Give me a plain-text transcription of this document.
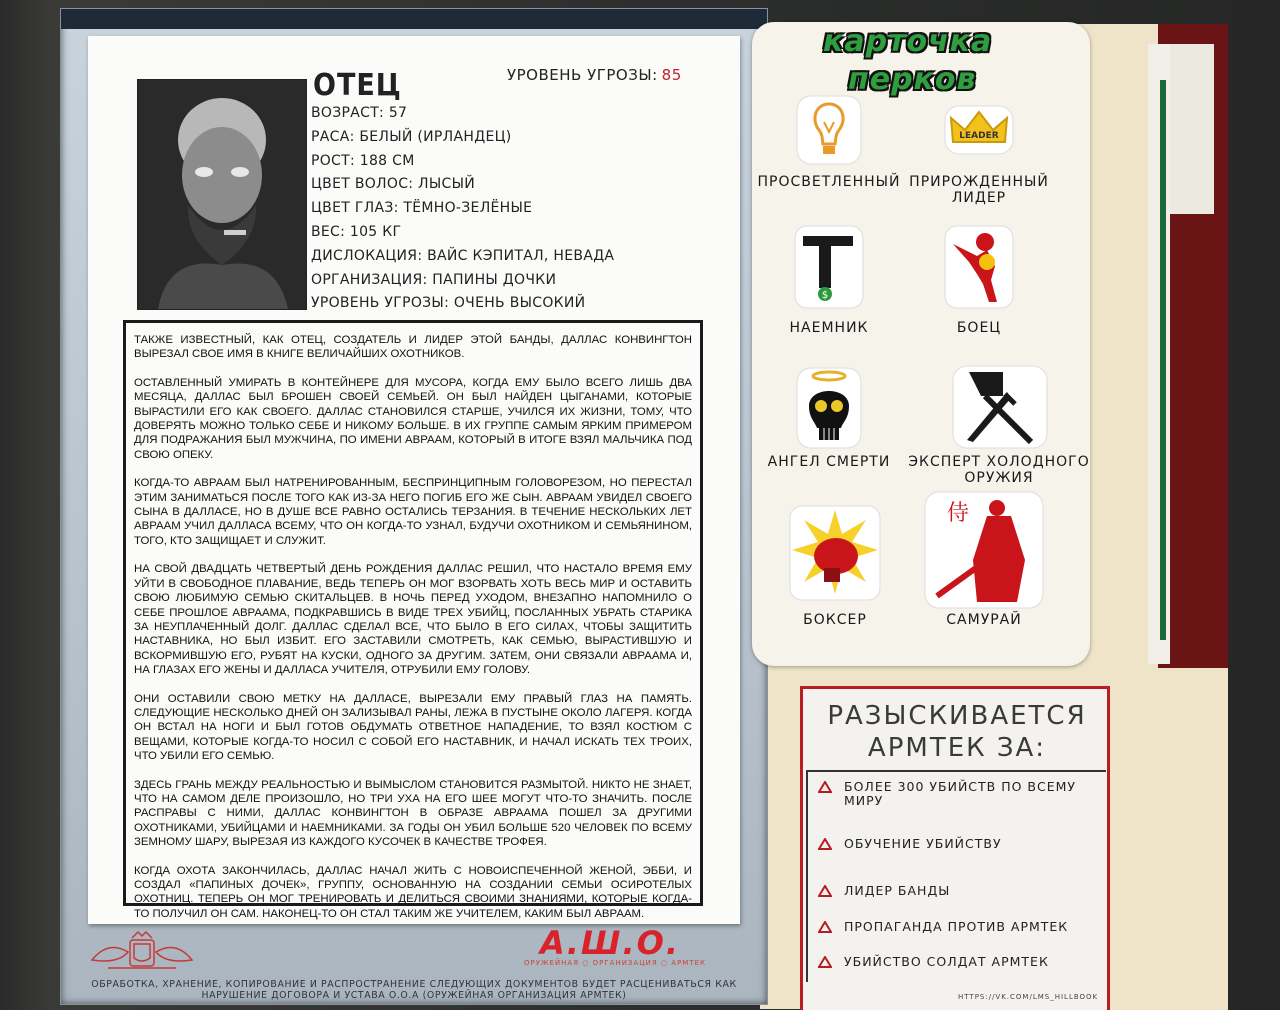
ОТЕЦ	УРОВЕНЬ УГРОЗЫ: 85
ВОЗРАСТ: 57
РАСА: БЕЛЫЙ (ИРЛАНДЕЦ)
РОСТ: 188 СМ
ЦВЕТ ВОЛОС: ЛЫСЫЙ
ЦВЕТ ГЛАЗ: ТЁМНО-ЗЕЛЁНЫЕ
ВЕС: 105 КГ
ДИСЛОКАЦИЯ: ВАЙС КЭПИТАЛ, НЕВАДА
ОРГАНИЗАЦИЯ: ПАПИНЫ ДОЧКИ
УРОВЕНЬ УГРОЗЫ: ОЧЕНЬ ВЫСОКИЙ

ТАКЖЕ ИЗВЕСТНЫЙ, КАК ОТЕЦ, СОЗДАТЕЛЬ И ЛИДЕР ЭТОЙ БАНДЫ, ДАЛЛАС КОНВИНГТОН ВЫРЕЗАЛ СВОЕ ИМЯ В КНИГЕ ВЕЛИЧАЙШИХ ОХОТНИКОВ.

ОСТАВЛЕННЫЙ УМИРАТЬ В КОНТЕЙНЕРЕ ДЛЯ МУСОРА, КОГДА ЕМУ БЫЛО ВСЕГО ЛИШЬ ДВА МЕСЯЦА, ДАЛЛАС БЫЛ БРОШЕН СВОЕЙ СЕМЬЕЙ. ОН БЫЛ НАЙДЕН ЦЫГАНАМИ, КОТОРЫЕ ВЫРАСТИЛИ ЕГО КАК СВОЕГО. ДАЛЛАС СТАНОВИЛСЯ СТАРШЕ, УЧИЛСЯ ИХ ЖИЗНИ, ТОМУ, ЧТО ДОВЕРЯТЬ МОЖНО ТОЛЬКО СЕБЕ И НИКОМУ БОЛЬШЕ. В ИХ ГРУППЕ САМЫМ ЯРКИМ ПРИМЕРОМ ДЛЯ ПОДРАЖАНИЯ БЫЛ МУЖЧИНА, ПО ИМЕНИ АВРААМ, КОТОРЫЙ В ИТОГЕ ВЗЯЛ МАЛЬЧИКА ПОД СВОЮ ОПЕКУ.

КОГДА-ТО АВРААМ БЫЛ НАТРЕНИРОВАННЫМ, БЕСПРИНЦИПНЫМ ГОЛОВОРЕЗОМ, НО ПЕРЕСТАЛ ЭТИМ ЗАНИМАТЬСЯ ПОСЛЕ ТОГО КАК ИЗ-ЗА НЕГО ПОГИБ ЕГО ЖЕ СЫН. АВРААМ УВИДЕЛ СВОЕГО СЫНА В ДАЛЛАСЕ, НО В ДУШЕ ВСЕ РАВНО ОСТАЛИСЬ ТЕРЗАНИЯ. В ТЕЧЕНИЕ НЕСКОЛЬКИХ ЛЕТ АВРААМ УЧИЛ ДАЛЛАСА ВСЕМУ, ЧТО ОН КОГДА-ТО УЗНАЛ, БУДУЧИ ОХОТНИКОМ И СЕМЬЯНИНОМ, ТОГО, КТО ЗАЩИЩАЕТ И СЛУЖИТ.

НА СВОЙ ДВАДЦАТЬ ЧЕТВЕРТЫЙ ДЕНЬ РОЖДЕНИЯ ДАЛЛАС РЕШИЛ, ЧТО НАСТАЛО ВРЕМЯ ЕМУ УЙТИ В СВОБОДНОЕ ПЛАВАНИЕ, ВЕДЬ ТЕПЕРЬ ОН МОГ ВЗОРВАТЬ ХОТЬ ВЕСЬ МИР И ОСТАВИТЬ СВОЮ ЛЮБИМУЮ СЕМЬЮ СКИТАЛЬЦЕВ. В НОЧЬ ПЕРЕД УХОДОМ, ВНЕЗАПНО НАПОМНИЛО О СЕБЕ ПРОШЛОЕ АВРААМА, ПОДКРАВШИСЬ В ВИДЕ ТРЕХ УБИЙЦ, ПОСЛАННЫХ УБРАТЬ СТАРИКА ЗА НЕУПЛАЧЕННЫЙ ДОЛГ. ДАЛЛАС СДЕЛАЛ ВСЕ, ЧТО БЫЛО В ЕГО СИЛАХ, ЧТОБЫ ЗАЩИТИТЬ НАСТАВНИКА, НО БЫЛ ИЗБИТ. ЕГО ЗАСТАВИЛИ СМОТРЕТЬ, КАК СЕМЬЮ, ВЫРАСТИВШУЮ И ВСКОРМИВШУЮ ЕГО, РУБЯТ НА КУСКИ, ОДНОГО ЗА ДРУГИМ. ЗАТЕМ, ОНИ СВЯЗАЛИ АВРААМА И, НА ГЛАЗАХ ЕГО ЖЕНЫ И ДАЛЛАСА УЧИТЕЛЯ, ОТРУБИЛИ ЕМУ ГОЛОВУ.

ОНИ ОСТАВИЛИ СВОЮ МЕТКУ НА ДАЛЛАСЕ, ВЫРЕЗАЛИ ЕМУ ПРАВЫЙ ГЛАЗ НА ПАМЯТЬ. СЛЕДУЮЩИЕ НЕСКОЛЬКО ДНЕЙ ОН ЗАЛИЗЫВАЛ РАНЫ, ЛЕЖА В ПУСТЫНЕ ОКОЛО ЛАГЕРЯ. КОГДА ОН ВСТАЛ НА НОГИ И БЫЛ ГОТОВ ОБДУМАТЬ ОТВЕТНОЕ НАПАДЕНИЕ, ТО ВЗЯЛ КОСТЮМ С ВЕЩАМИ, КОТОРЫЕ КОГДА-ТО НОСИЛ С СОБОЙ ЕГО НАСТАВНИК, И НАЧАЛ ИСКАТЬ ТЕХ ТРОИХ, ЧТО УБИЛИ ЕГО СЕМЬЮ.

ЗДЕСЬ ГРАНЬ МЕЖДУ РЕАЛЬНОСТЬЮ И ВЫМЫСЛОМ СТАНОВИТСЯ РАЗМЫТОЙ. НИКТО НЕ ЗНАЕТ, ЧТО НА САМОМ ДЕЛЕ ПРОИЗОШЛО, НО ТРИ УХА НА ЕГО ШЕЕ МОГУТ ЧТО-ТО ЗНАЧИТЬ. ПОСЛЕ РАСПРАВЫ С НИМИ, ДАЛЛАС КОНВИНГТОН В ОБРАЗЕ АВРААМА ПОШЕЛ ЗА ДРУГИМИ ОХОТНИКАМИ, УБИЙЦАМИ И НАЕМНИКАМИ. ЗА ГОДЫ ОН УБИЛ БОЛЬШЕ 520 ЧЕЛОВЕК ПО ВСЕМУ ЗЕМНОМУ ШАРУ, ВЫРЕЗАЯ ИЗ КАЖДОГО КУСОЧЕК В КАЧЕСТВЕ ТРОФЕЯ.

КОГДА ОХОТА ЗАКОНЧИЛАСЬ, ДАЛЛАС НАЧАЛ ЖИТЬ С НОВОИСПЕЧЕННОЙ ЖЕНОЙ, ЭББИ, И СОЗДАЛ «ПАПИНЫХ ДОЧЕК», ГРУППУ, ОСНОВАННУЮ НА СОЗДАНИИ СЕМЬИ ОСИРОТЕЛЫХ ОХОТНИЦ. ТЕПЕРЬ ОН МОГ ТРЕНИРОВАТЬ И ДЕЛИТЬСЯ СВОИМИ ЗНАНИЯМИ, КОТОРЫЕ КОГДА-ТО ПОЛУЧИЛ ОН САМ. НАКОНЕЦ-ТО ОН СТАЛ ТАКИМ ЖЕ УЧИТЕЛЕМ, КАКИМ БЫЛ АВРААМ.

А.Ш.О.
ОРУЖЕЙНАЯ ○ ОРГАНИЗАЦИЯ ○ АРМТЕК
ОБРАБОТКА, ХРАНЕНИЕ, КОПИРОВАНИЕ И РАСПРОСТРАНЕНИЕ СЛЕДУЮЩИХ ДОКУМЕНТОВ БУДЕТ РАСЦЕНИВАТЬСЯ КАК НАРУШЕНИЕ ДОГОВОРА И УСТАВА О.О.А (ОРУЖЕЙНАЯ ОРГАНИЗАЦИЯ АРМТЕК)
карточка
перков
ПРОСВЕТЛЕННЫЙ
LEADER
ПРИРОЖДЕННЫЙ ЛИДЕР
$
НАЕМНИК	БОЕЦ
АНГЕЛ СМЕРТИ	ЭКСПЕРТ ХОЛОДНОГО ОРУЖИЯ
БОКСЕР
侍
САМУРАЙ
РАЗЫСКИВАЕТСЯ АРМТЕК ЗА:
БОЛЕЕ 300 УБИЙСТВ ПО ВСЕМУ МИРУ
ОБУЧЕНИЕ УБИЙСТВУ
ЛИДЕР БАНДЫ
ПРОПАГАНДА ПРОТИВ АРМТЕК
УБИЙСТВО СОЛДАТ АРМТЕК
HTTPS://VK.COM/LMS_HILLBOOK
